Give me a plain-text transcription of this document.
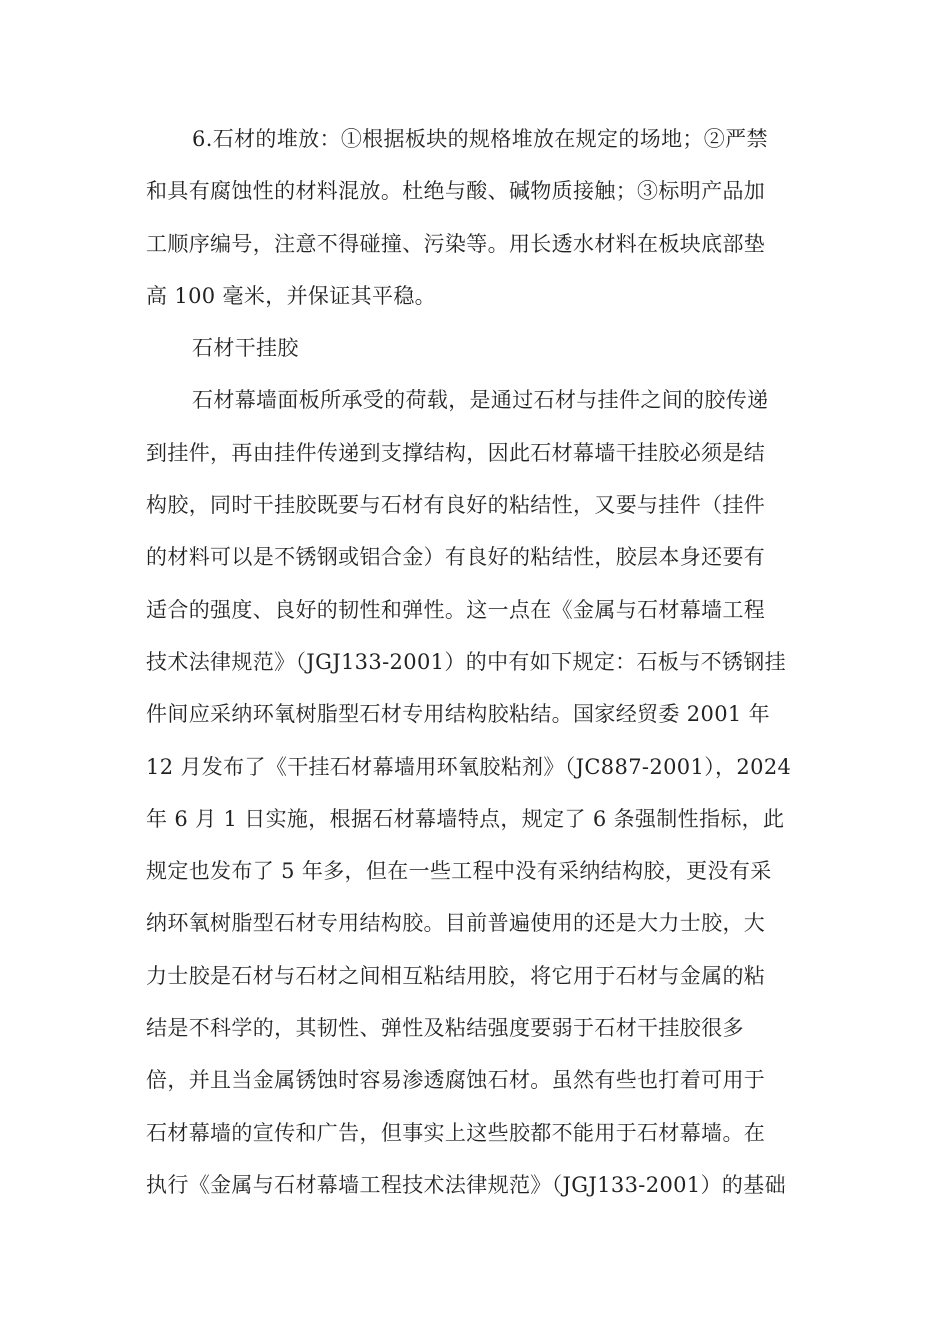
6.石材的堆放：①根据板块的规格堆放在规定的场地；②严禁
和具有腐蚀性的材料混放。杜绝与酸、碱物质接触；③标明产品加
工顺序编号，注意不得碰撞、污染等。用长透水材料在板块底部垫
高 100 毫米，并保证其平稳。
石材干挂胶
石材幕墙面板所承受的荷载，是通过石材与挂件之间的胶传递
到挂件，再由挂件传递到支撑结构，因此石材幕墙干挂胶必须是结
构胶，同时干挂胶既要与石材有良好的粘结性，又要与挂件（挂件
的材料可以是不锈钢或铝合金）有良好的粘结性，胶层本身还要有
适合的强度、良好的韧性和弹性。这一点在《金属与石材幕墙工程
技术法律规范》（JGJ133-2001）的中有如下规定：石板与不锈钢挂
件间应采纳环氧树脂型石材专用结构胶粘结。国家经贸委 2001 年
12 月发布了《干挂石材幕墙用环氧胶粘剂》（JC887-2001），2024
年 6 月 1 日实施，根据石材幕墙特点，规定了 6 条强制性指标，此
规定也发布了 5 年多，但在一些工程中没有采纳结构胶，更没有采
纳环氧树脂型石材专用结构胶。目前普遍使用的还是大力士胶，大
力士胶是石材与石材之间相互粘结用胶，将它用于石材与金属的粘
结是不科学的，其韧性、弹性及粘结强度要弱于石材干挂胶很多
倍，并且当金属锈蚀时容易渗透腐蚀石材。虽然有些也打着可用于
石材幕墙的宣传和广告，但事实上这些胶都不能用于石材幕墙。在
执行《金属与石材幕墙工程技术法律规范》（JGJ133-2001）的基础
